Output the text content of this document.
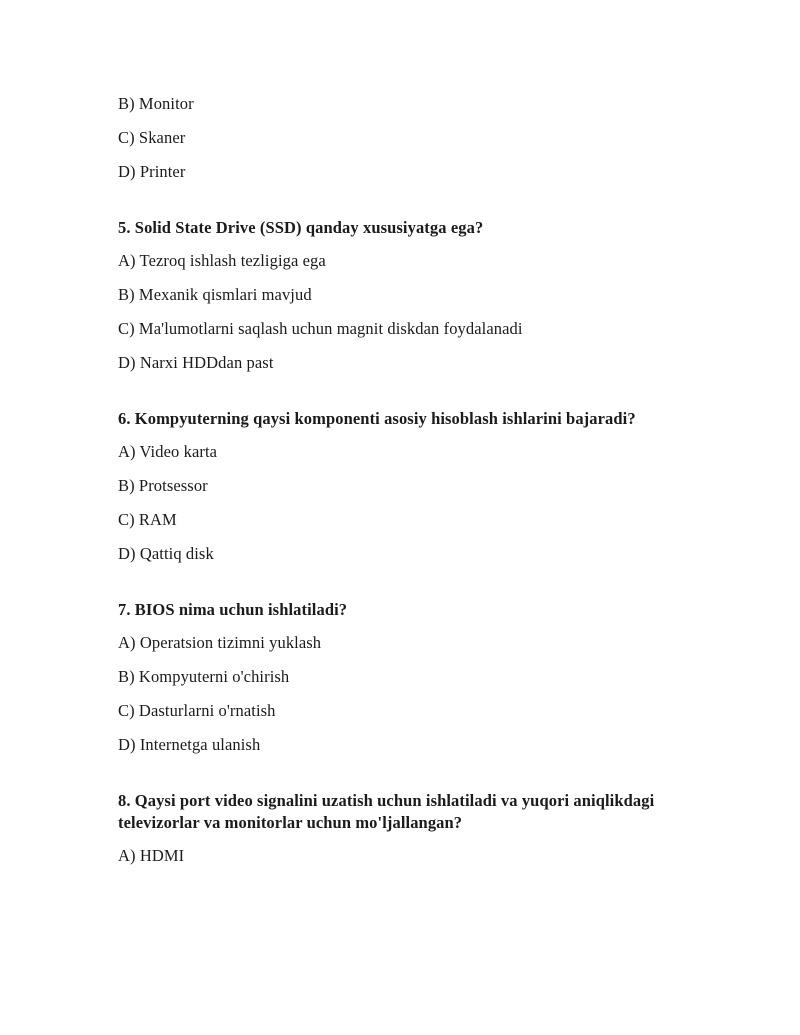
B) Monitor

C) Skaner

D) Printer

5. Solid State Drive (SSD) qanday xususiyatga ega?

A) Tezroq ishlash tezligiga ega

B) Mexanik qismlari mavjud

C) Ma'lumotlarni saqlash uchun magnit diskdan foydalanadi

D) Narxi HDDdan past

6. Kompyuterning qaysi komponenti asosiy hisoblash ishlarini bajaradi?

A) Video karta

B) Protsessor

C) RAM

D) Qattiq disk

7. BIOS nima uchun ishlatiladi?

A) Operatsion tizimni yuklash

B) Kompyuterni o'chirish

C) Dasturlarni o'rnatish

D) Internetga ulanish

8. Qaysi port video signalini uzatish uchun ishlatiladi va yuqori aniqlikdagi televizorlar va monitorlar uchun mo'ljallangan?

A) HDMI
